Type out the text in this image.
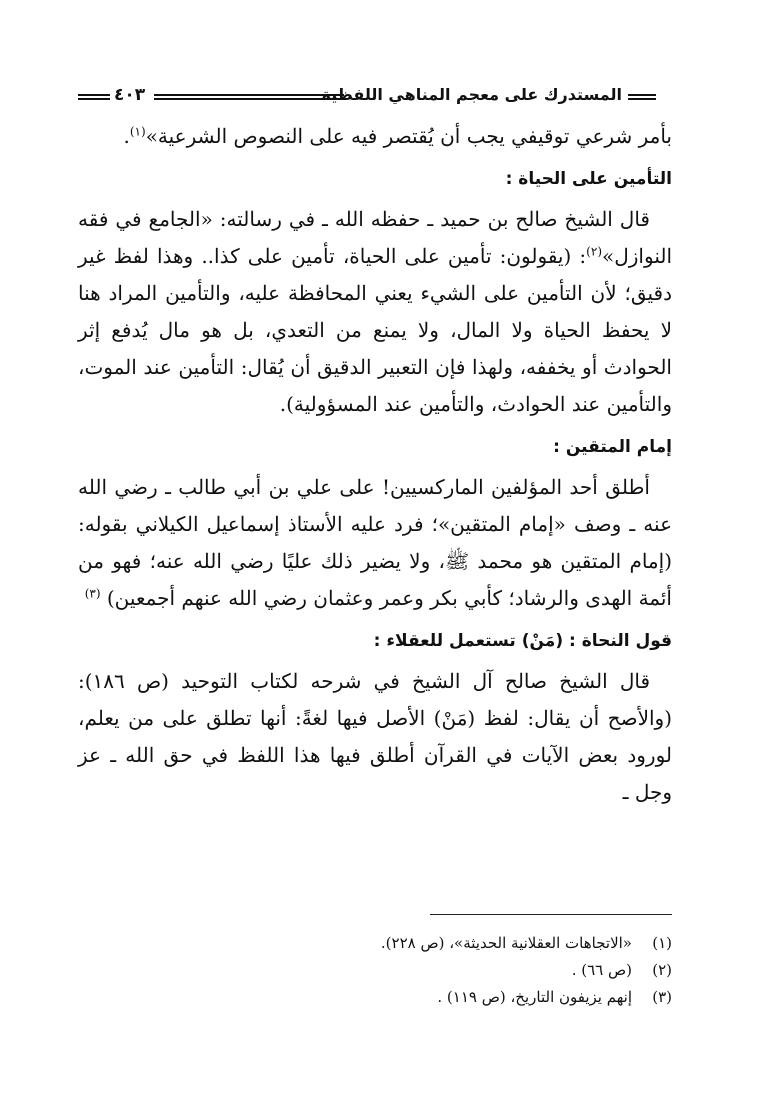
المستدرك على معجم المناهي اللفظية
٤٠٣

بأمر شرعي توقيفي يجب أن يُقتصر فيه على النصوص الشرعية»$^{(١)}$.

التأمين على الحياة :

قال الشيخ صالح بن حميد ـ حفظه الله ـ في رسالته: «الجامع في فقه النوازل»$^{(٢)}$: (يقولون: تأمين على الحياة، تأمين على كذا.. وهذا لفظ غير دقيق؛ لأن التأمين على الشيء يعني المحافظة عليه، والتأمين المراد هنا لا يحفظ الحياة ولا المال، ولا يمنع من التعدي، بل هو مال يُدفع إثر الحوادث أو يخففه، ولهذا فإن التعبير الدقيق أن يُقال: التأمين عند الموت، والتأمين عند الحوادث، والتأمين عند المسؤولية).

إمام المتقين :

أطلق أحد المؤلفين الماركسيين! على علي بن أبي طالب ـ رضي الله عنه ـ وصف «إمام المتقين»؛ فرد عليه الأستاذ إسماعيل الكيلاني بقوله: (إمام المتقين هو محمد ﷺ، ولا يضير ذلك عليًا رضي الله عنه؛ فهو من أئمة الهدى والرشاد؛ كأبي بكر وعمر وعثمان رضي الله عنهم أجمعين) $^{(٣)}$

قول النحاة : (مَنْ) تستعمل للعقلاء :

قال الشيخ صالح آل الشيخ في شرحه لكتاب التوحيد (ص ١٨٦): (والأصح أن يقال: لفظ (مَنْ) الأصل فيها لغةً: أنها تطلق على من يعلم، لورود بعض الآيات في القرآن أطلق فيها هذا اللفظ في حق الله ـ عز وجل ـ

(١)
«الاتجاهات العقلانية الحديثة»، (ص ٢٢٨).
(٢)
(ص ٦٦) .
(٣)
إنهم يزيفون التاريخ، (ص ١١٩) .
